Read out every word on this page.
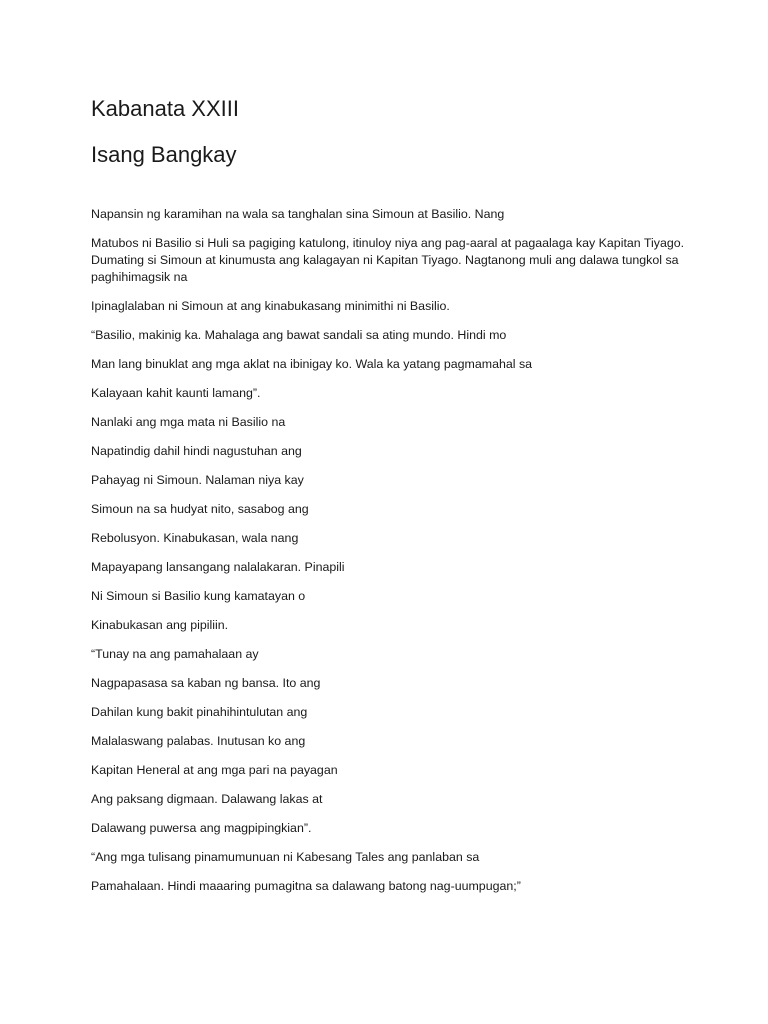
Kabanata XXIII
Isang Bangkay

Napansin ng karamihan na wala sa tanghalan sina Simoun at Basilio. Nang

Matubos ni Basilio si Huli sa pagiging katulong, itinuloy niya ang pag-aaral at pagaalaga kay Kapitan Tiyago. Dumating si Simoun at kinumusta ang kalagayan ni Kapitan Tiyago. Nagtanong muli ang dalawa tungkol sa paghihimagsik na

Ipinaglalaban ni Simoun at ang kinabukasang minimithi ni Basilio.

“Basilio, makinig ka. Mahalaga ang bawat sandali sa ating mundo. Hindi mo

Man lang binuklat ang mga aklat na ibinigay ko. Wala ka yatang pagmamahal sa

Kalayaan kahit kaunti lamang”.

Nanlaki ang mga mata ni Basilio na

Napatindig dahil hindi nagustuhan ang

Pahayag ni Simoun. Nalaman niya kay

Simoun na sa hudyat nito, sasabog ang

Rebolusyon. Kinabukasan, wala nang

Mapayapang lansangang nalalakaran. Pinapili

Ni Simoun si Basilio kung kamatayan o

Kinabukasan ang pipiliin.

“Tunay na ang pamahalaan ay

Nagpapasasa sa kaban ng bansa. Ito ang

Dahilan kung bakit pinahihintulutan ang

Malalaswang palabas. Inutusan ko ang

Kapitan Heneral at ang mga pari na payagan

Ang paksang digmaan. Dalawang lakas at

Dalawang puwersa ang magpipingkian”.

“Ang mga tulisang pinamumunuan ni Kabesang Tales ang panlaban sa

Pamahalaan. Hindi maaaring pumagitna sa dalawang batong nag-uumpugan;”
